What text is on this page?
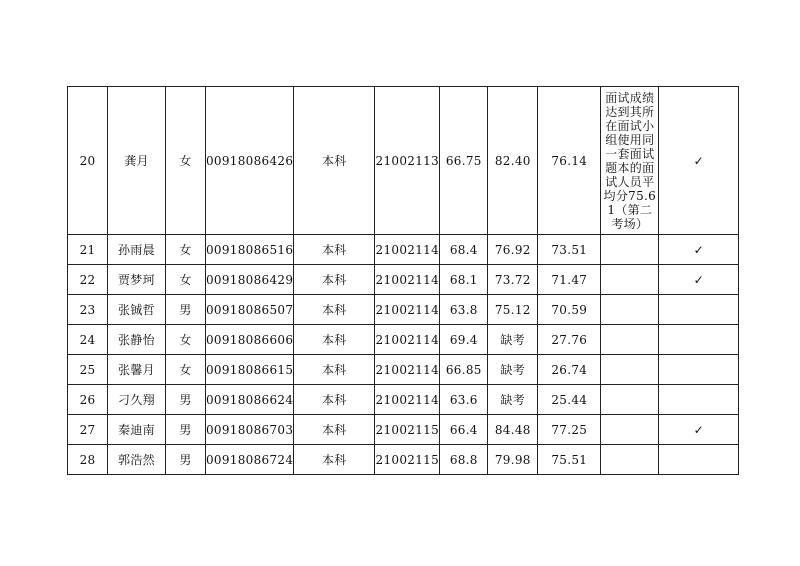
20	龚月	女	00918086426	本科	21002113	66.75	82.40	76.14	面试成绩达到其所在面试小组使用同一套面试题本的面试人员平均分75.61（第二考场）	✓
21	孙雨晨	女	00918086516	本科	21002114	68.4	76.92	73.51		✓
22	贾梦珂	女	00918086429	本科	21002114	68.1	73.72	71.47		✓
23	张铖哲	男	00918086507	本科	21002114	63.8	75.12	70.59		
24	张静怡	女	00918086606	本科	21002114	69.4	缺考	27.76		
25	张馨月	女	00918086615	本科	21002114	66.85	缺考	26.74		
26	刁久翔	男	00918086624	本科	21002114	63.6	缺考	25.44		
27	秦迪南	男	00918086703	本科	21002115	66.4	84.48	77.25		✓
28	郭浩然	男	00918086724	本科	21002115	68.8	79.98	75.51		
